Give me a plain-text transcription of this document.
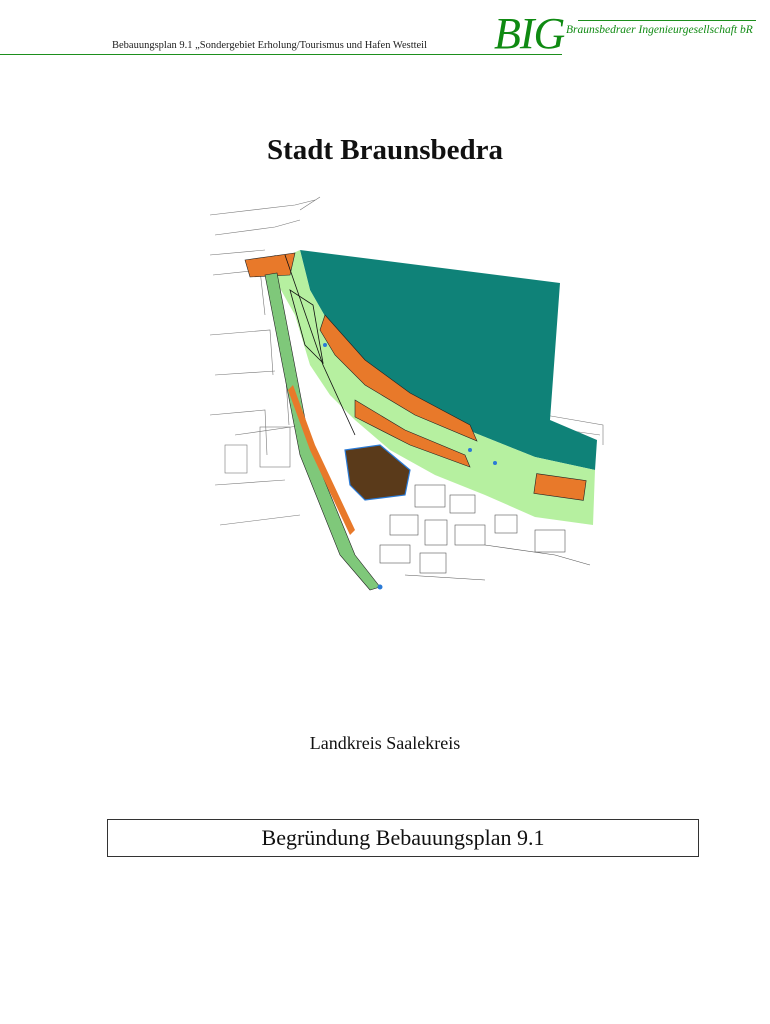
Bebauungsplan 9.1 „Sondergebiet Erholung/Tourismus und Hafen Westteil BIG Braunsbedraer Ingenieurgesellschaft bR
Stadt Braunsbedra
Landkreis Saalekreis
Begründung Bebauungsplan 9.1
